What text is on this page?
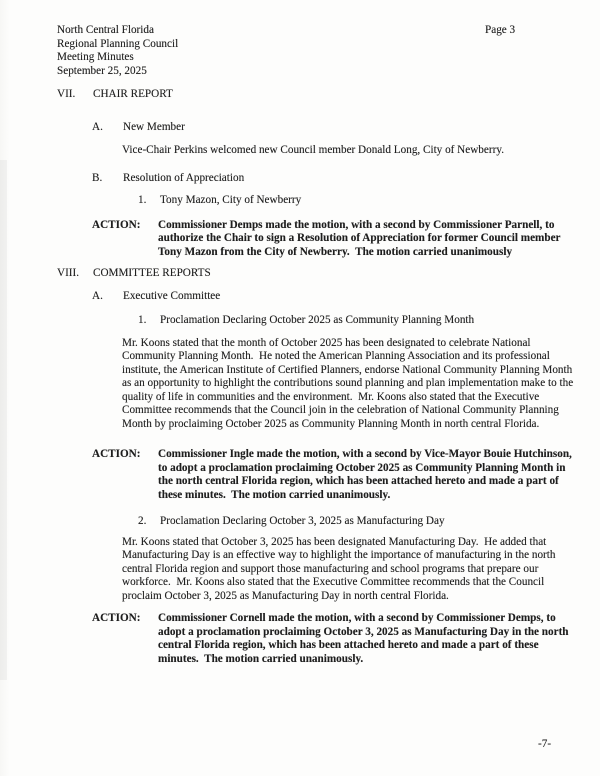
North Central Florida
Regional Planning Council
Meeting Minutes
September 25, 2025
Page 3
VII.	CHAIR REPORT
A.	New Member
Vice-Chair Perkins welcomed new Council member Donald Long, City of Newberry.
B.	Resolution of Appreciation
1.	Tony Mazon, City of Newberry
ACTION:	Commissioner Demps made the motion, with a second by Commissioner Parnell, to authorize the Chair to sign a Resolution of Appreciation for former Council member Tony Mazon from the City of Newberry.  The motion carried unanimously
VIII.	COMMITTEE REPORTS
A.	Executive Committee
1.	Proclamation Declaring October 2025 as Community Planning Month
Mr. Koons stated that the month of October 2025 has been designated to celebrate National Community Planning Month.  He noted the American Planning Association and its professional institute, the American Institute of Certified Planners, endorse National Community Planning Month as an opportunity to highlight the contributions sound planning and plan implementation make to the quality of life in communities and the environment.  Mr. Koons also stated that the Executive Committee recommends that the Council join in the celebration of National Community Planning Month by proclaiming October 2025 as Community Planning Month in north central Florida.
ACTION:	Commissioner Ingle made the motion, with a second by Vice-Mayor Bouie Hutchinson, to adopt a proclamation proclaiming October 2025 as Community Planning Month in the north central Florida region, which has been attached hereto and made a part of these minutes.  The motion carried unanimously.
2.	Proclamation Declaring October 3, 2025 as Manufacturing Day
Mr. Koons stated that October 3, 2025 has been designated Manufacturing Day.  He added that Manufacturing Day is an effective way to highlight the importance of manufacturing in the north central Florida region and support those manufacturing and school programs that prepare our workforce.  Mr. Koons also stated that the Executive Committee recommends that the Council proclaim October 3, 2025 as Manufacturing Day in north central Florida.
ACTION:	Commissioner Cornell made the motion, with a second by Commissioner Demps, to adopt a proclamation proclaiming October 3, 2025 as Manufacturing Day in the north central Florida region, which has been attached hereto and made a part of these minutes.  The motion carried unanimously.
-7-
